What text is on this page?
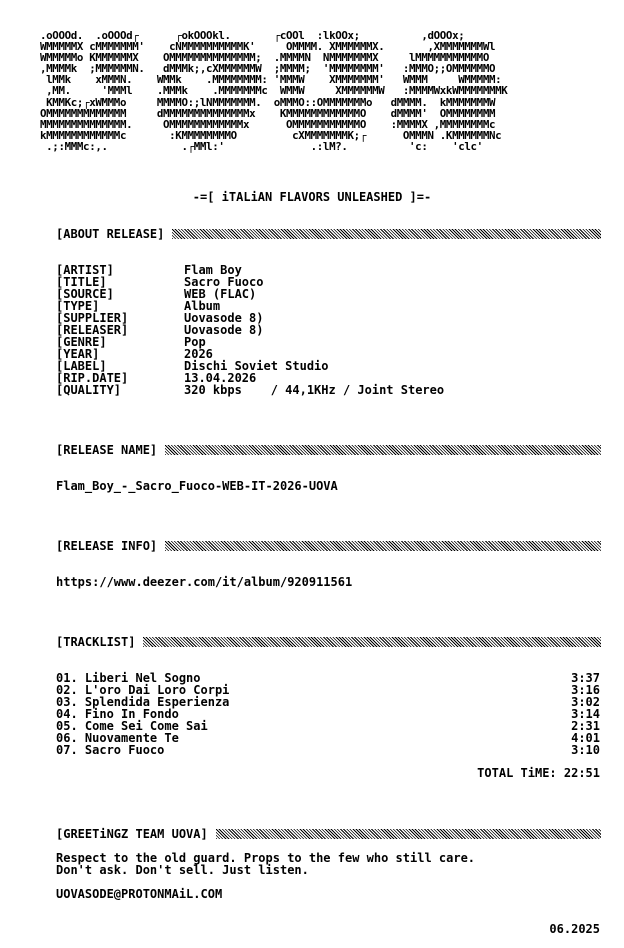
.oOOOd.  .oOOOd┌      ┌okOOOkl.       ┌cOOl  :lkOOx;          ,dOOOx;
WMMMMMX cMMMMMMM'    cNMMMMMMMMMMK'     OMMMM. XMMMMMMX.       ,XMMMMMMMWl
WMMMMMo KMMMMMMX    OMMMMMMMMMMMMMM;  .MMMMN  NMMMMMMMX     lMMMMMMMMMMMO
,MMMMk  ;MMMMMMN.   dMMMk;,cXMMMMMMW  ;MMMM;  'MMMMMMMM'   :MMMO;;OMMMMMMO
lMMk    xMMMN.    WMMk    .MMMMMMMM: 'MMMW    XMMMMMMM'   WMMM     WMMMMM:
,MM.     'MMMl    .MMMk    .MMMMMMMc  WMMW     XMMMMMMW   :MMMMWxkWMMMMMMMK
KMMKc;┌xWMMMo     MMMMO:;lNMMMMMMM.  oMMMO::OMMMMMMMo   dMMMM.  kMMMMMMMW
OMMMMMMMMMMMMM     dMMMMMMMMMMMMMMx    KMMMMMMMMMMMMO    dMMMM'  OMMMMMMMM
MMMMMMMMMMMMMM.     OMMMMMMMMMMMMx      OMMMMMMMMMMMO    :MMMMX ,MMMMMMMMc
kMMMMMMMMMMMMc       :KMMMMMMMMO         cXMMMMMMMK;┌      OMMMN .KMMMMMMNc
.;:MMMc:,.            .┌MMl:'              .:lM?.          'c:    'clc'
-=[ iTALiAN FLAVORS UNLEASHED ]=-
[ABOUT RELEASE]
[ARTIST]	Flam Boy
[TITLE]	Sacro Fuoco
[SOURCE]	WEB (FLAC)
[TYPE]	Album
[SUPPLIER]	Uovasode 8)
[RELEASER]	Uovasode 8)
[GENRE]	Pop
[YEAR]	2026
[LABEL]	Dischi Soviet Studio
[RIP.DATE]	13.04.2026
[QUALITY]	320 kbps    / 44,1KHz / Joint Stereo
[RELEASE NAME]
Flam_Boy_-_Sacro_Fuoco-WEB-IT-2026-UOVA
[RELEASE INFO]
https://www.deezer.com/it/album/920911561
[TRACKLIST]
01. Liberi Nel Sogno	3:37
02. L'oro Dai Loro Corpi	3:16
03. Splendida Esperienza	3:02
04. Fino In Fondo	3:14
05. Come Sei Come Sai	2:31
06. Nuovamente Te	4:01
07. Sacro Fuoco	3:10
TOTAL TiME: 22:51
[GREETiNGZ TEAM UOVA]
Respect to the old guard. Props to the few who still care.
Don't ask. Don't sell. Just listen.
UOVASODE@PROTONMAiL.COM
06.2025
